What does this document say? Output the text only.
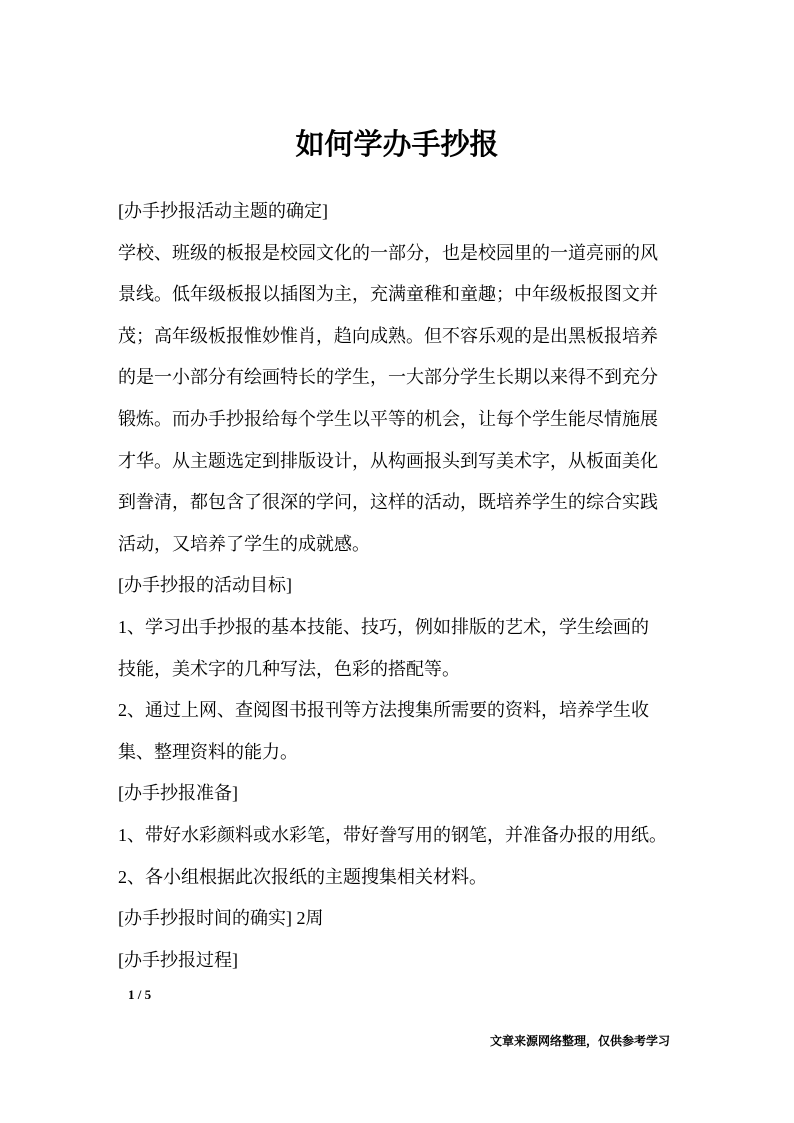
如何学办手抄报
[办手抄报活动主题的确定]
学校、班级的板报是校园文化的一部分，也是校园里的一道亮丽的风
景线。低年级板报以插图为主，充满童稚和童趣；中年级板报图文并
茂；高年级板报惟妙惟肖，趋向成熟。但不容乐观的是出黑板报培养
的是一小部分有绘画特长的学生，一大部分学生长期以来得不到充分
锻炼。而办手抄报给每个学生以平等的机会，让每个学生能尽情施展
才华。从主题选定到排版设计，从构画报头到写美术字，从板面美化
到誊清，都包含了很深的学问，这样的活动，既培养学生的综合实践
活动，又培养了学生的成就感。
[办手抄报的活动目标]
1、学习出手抄报的基本技能、技巧，例如排版的艺术，学生绘画的
技能，美术字的几种写法，色彩的搭配等。
2、通过上网、查阅图书报刊等方法搜集所需要的资料，培养学生收
集、整理资料的能力。
[办手抄报准备]
1、带好水彩颜料或水彩笔，带好誊写用的钢笔，并准备办报的用纸。
2、各小组根据此次报纸的主题搜集相关材料。
[办手抄报时间的确实] 2周
[办手抄报过程]
1 / 5
文章来源网络整理，仅供参考学习
